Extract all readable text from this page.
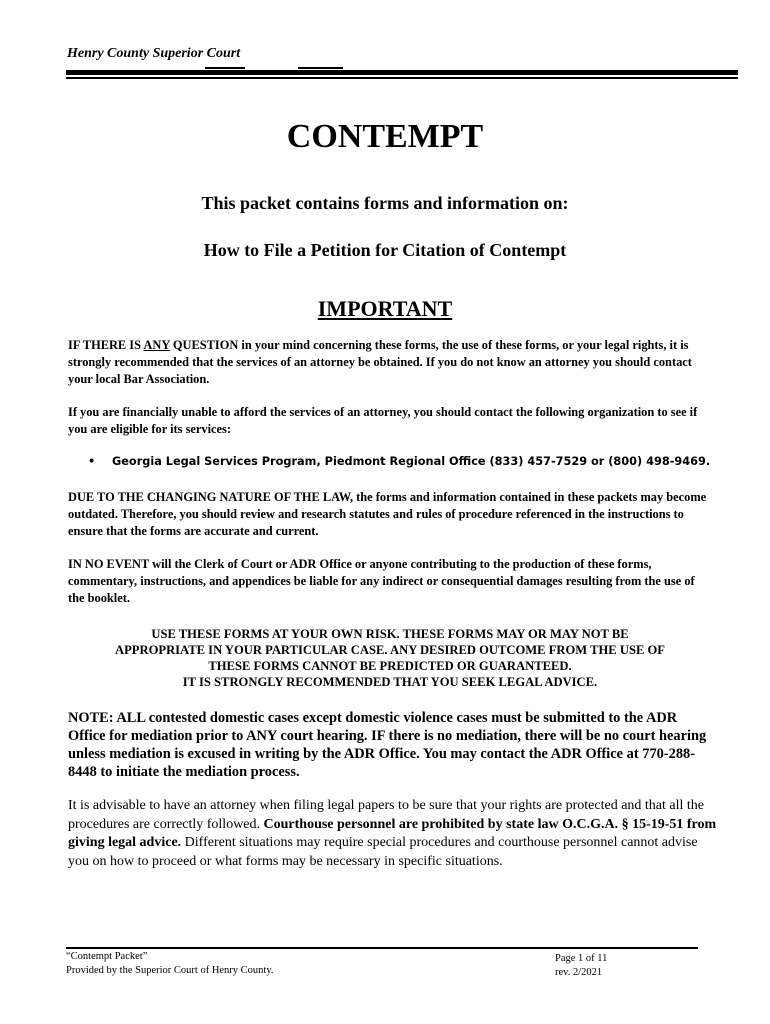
Henry County Superior Court
CONTEMPT
This packet contains forms and information on:
How to File a Petition for Citation of Contempt
IMPORTANT
IF THERE IS ANY QUESTION in your mind concerning these forms, the use of these forms, or your legal rights, it is strongly recommended that the services of an attorney be obtained. If you do not know an attorney you should contact your local Bar Association.
If you are financially unable to afford the services of an attorney, you should contact the following organization to see if you are eligible for its services:
• Georgia Legal Services Program, Piedmont Regional Office (833) 457-7529 or (800) 498-9469.
DUE TO THE CHANGING NATURE OF THE LAW, the forms and information contained in these packets may become outdated. Therefore, you should review and research statutes and rules of procedure referenced in the instructions to ensure that the forms are accurate and current.
IN NO EVENT will the Clerk of Court or ADR Office or anyone contributing to the production of these forms, commentary, instructions, and appendices be liable for any indirect or consequential damages resulting from the use of the booklet.
USE THESE FORMS AT YOUR OWN RISK. THESE FORMS MAY OR MAY NOT BE
APPROPRIATE IN YOUR PARTICULAR CASE. ANY DESIRED OUTCOME FROM THE USE OF
THESE FORMS CANNOT BE PREDICTED OR GUARANTEED.
IT IS STRONGLY RECOMMENDED THAT YOU SEEK LEGAL ADVICE.
NOTE: ALL contested domestic cases except domestic violence cases must be submitted to the ADR Office for mediation prior to ANY court hearing. IF there is no mediation, there will be no court hearing unless mediation is excused in writing by the ADR Office. You may contact the ADR Office at 770-288-8448 to initiate the mediation process.
It is advisable to have an attorney when filing legal papers to be sure that your rights are protected and that all the procedures are correctly followed. Courthouse personnel are prohibited by state law O.C.G.A. § 15-19-51 from giving legal advice. Different situations may require special procedures and courthouse personnel cannot advise you on how to proceed or what forms may be necessary in specific situations.
“Contempt Packet”
Provided by the Superior Court of Henry County.
Page 1 of 11
rev. 2/2021
